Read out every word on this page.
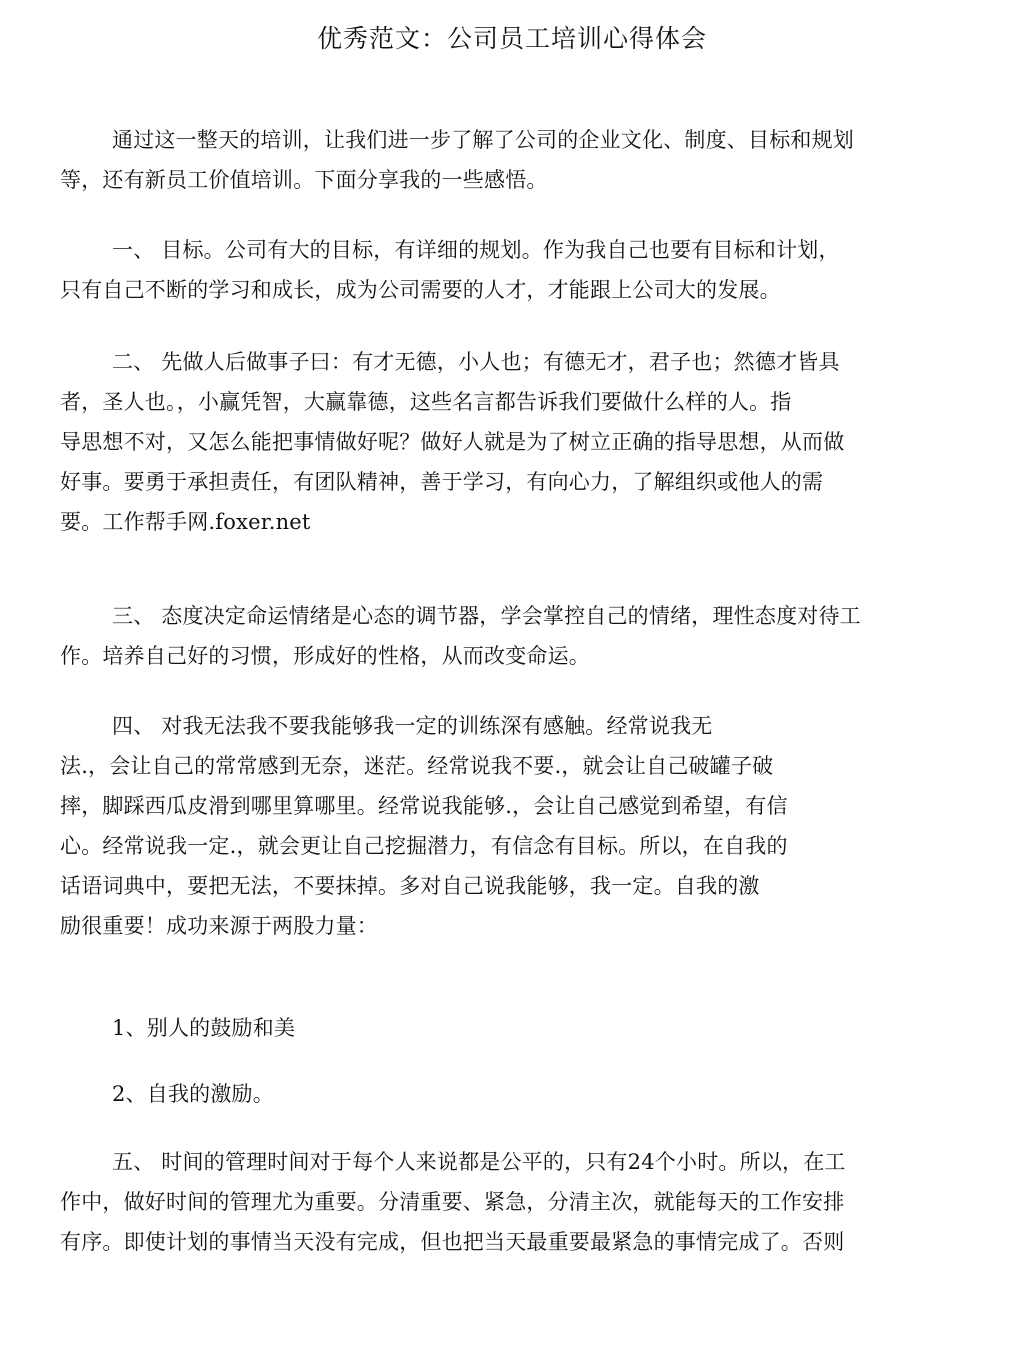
优秀范文：公司员工培训心得体会
通过这一整天的培训，让我们进一步了解了公司的企业文化、制度、目标和规划
等，还有新员工价值培训。下面分享我的一些感悟。
一、 目标。公司有大的目标，有详细的规划。作为我自己也要有目标和计划，
只有自己不断的学习和成长，成为公司需要的人才，才能跟上公司大的发展。
二、 先做人后做事子曰：有才无德，小人也；有德无才，君子也；然德才皆具
者，圣人也。，小赢凭智，大赢靠德，这些名言都告诉我们要做什么样的人。指
导思想不对，又怎么能把事情做好呢？做好人就是为了树立正确的指导思想，从而做
好事。要勇于承担责任，有团队精神，善于学习，有向心力，了解组织或他人的需
要。工作帮手网.foxer.net
三、 态度决定命运情绪是心态的调节器，学会掌控自己的情绪，理性态度对待工
作。培养自己好的习惯，形成好的性格，从而改变命运。
四、 对我无法我不要我能够我一定的训练深有感触。经常说我无
法.，会让自己的常常感到无奈，迷茫。经常说我不要.，就会让自己破罐子破
摔，脚踩西瓜皮滑到哪里算哪里。经常说我能够.，会让自己感觉到希望，有信
心。经常说我一定.，就会更让自己挖掘潜力，有信念有目标。所以，在自我的
话语词典中，要把无法，不要抹掉。多对自己说我能够，我一定。自我的激
励很重要！成功来源于两股力量：
1、别人的鼓励和美
2、自我的激励。
五、 时间的管理时间对于每个人来说都是公平的，只有24个小时。所以，在工
作中，做好时间的管理尤为重要。分清重要、紧急，分清主次，就能每天的工作安排
有序。即使计划的事情当天没有完成，但也把当天最重要最紧急的事情完成了。否则
